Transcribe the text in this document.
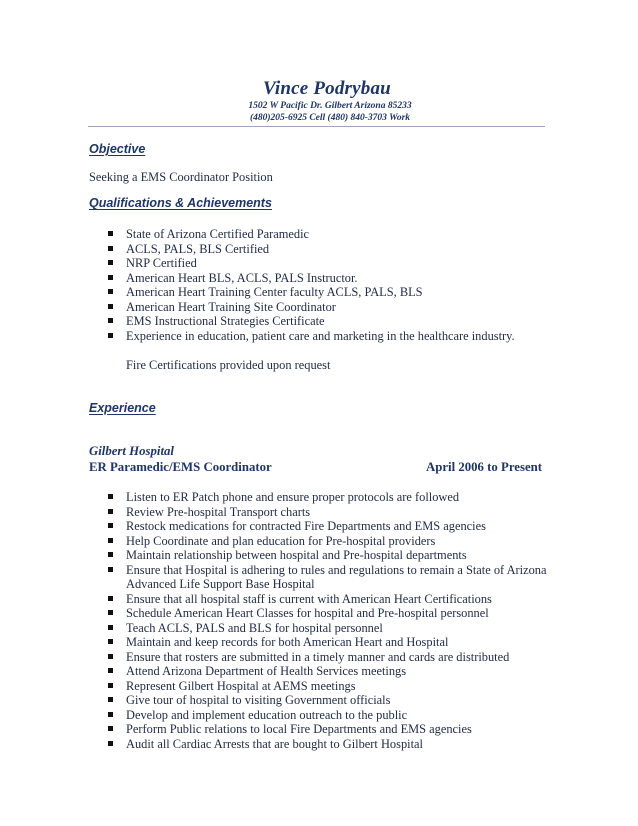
Vince Podrybau
1502 W Pacific Dr. Gilbert Arizona 85233
(480)205-6925 Cell (480) 840-3703 Work
Objective
Seeking a EMS Coordinator Position
Qualifications & Achievements
State of Arizona Certified Paramedic
ACLS, PALS, BLS Certified
NRP Certified
American Heart BLS, ACLS, PALS Instructor.
American Heart Training Center faculty ACLS, PALS, BLS
American Heart Training Site Coordinator
EMS Instructional Strategies Certificate
Experience in education, patient care and marketing in the healthcare industry.
Fire Certifications provided upon request
Experience
Gilbert Hospital
ER Paramedic/EMS Coordinator	April 2006 to Present
Listen to ER Patch phone and ensure proper protocols are followed
Review Pre-hospital Transport charts
Restock medications for contracted Fire Departments and EMS agencies
Help Coordinate and plan education for Pre-hospital providers
Maintain relationship between hospital and Pre-hospital departments
Ensure that Hospital is adhering to rules and regulations to remain a State of Arizona Advanced Life Support Base Hospital
Ensure that all hospital staff is current with American Heart Certifications
Schedule American Heart Classes for hospital and Pre-hospital personnel
Teach ACLS, PALS and BLS for hospital personnel
Maintain and keep records for both American Heart and Hospital
Ensure that rosters are submitted in a timely manner and cards are distributed
Attend Arizona Department of Health Services meetings
Represent Gilbert Hospital at AEMS meetings
Give tour of hospital to visiting Government officials
Develop and implement education outreach to the public
Perform Public relations to local Fire Departments and EMS agencies
Audit all Cardiac Arrests that are bought to Gilbert Hospital
